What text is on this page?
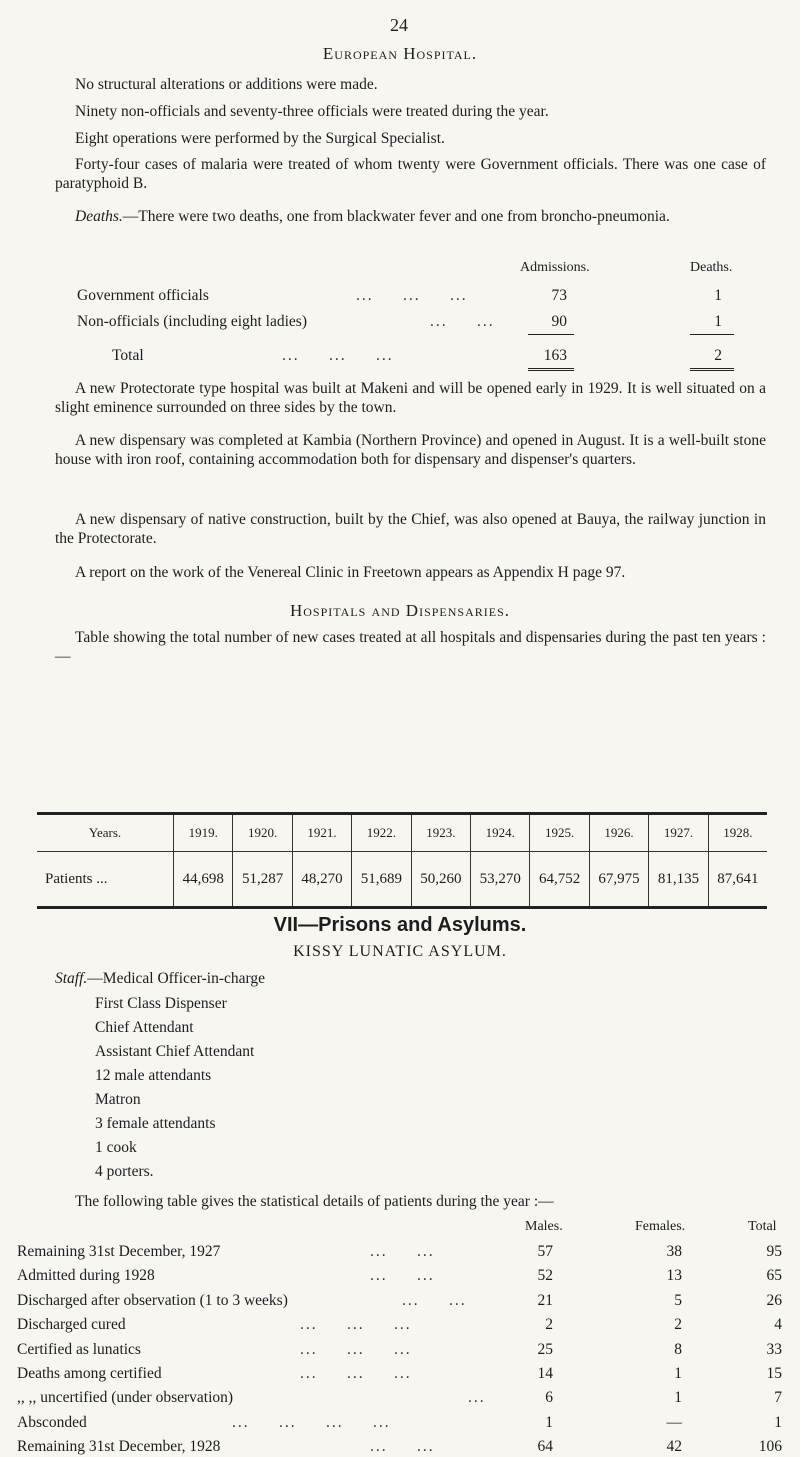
24
European Hospital.

No structural alterations or additions were made.

Ninety non-officials and seventy-three officials were treated during the year.

Eight operations were performed by the Surgical Specialist.

Forty-four cases of malaria were treated of whom twenty were Government officials. There was one case of paratyphoid B.

Deaths.—There were two deaths, one from blackwater fever and one from broncho-pneumonia.

Admissions.	Deaths.
Government officials	...     ...     ...	73	1
Non-officials (including eight ladies)	...     ...	90	1
Total	...     ...     ...	163	2

A new Protectorate type hospital was built at Makeni and will be opened early in 1929. It is well situated on a slight eminence surrounded on three sides by the town.

A new dispensary was completed at Kambia (Northern Province) and opened in August. It is a well-built stone house with iron roof, containing accommodation both for dispensary and dispenser's quarters.

A new dispensary of native construction, built by the Chief, was also opened at Bauya, the railway junction in the Protectorate.

A report on the work of the Venereal Clinic in Freetown appears as Appendix H page 97.

Hospitals and Dispensaries.

Table showing the total number of new cases treated at all hospitals and dispensaries during the past ten years :—

Years.	1919.	1920.	1921.	1922.	1923.	1924.	1925.	1926.	1927.	1928.
Patients ...	44,698	51,287	48,270	51,689	50,260	53,270	64,752	67,975	81,135	87,641
VII—Prisons and Asylums.
KISSY LUNATIC ASYLUM.
Staff.—Medical Officer-in-charge
First Class Dispenser
Chief Attendant
Assistant Chief Attendant
12 male attendants
Matron
3 female attendants
1 cook
4 porters.
The following table gives the statistical details of patients during the year :—
Males.	Females.	Total
Remaining 31st December, 1927	...     ...	57	38	95
Admitted during 1928	...     ...	52	13	65
Discharged after observation (1 to 3 weeks)	...     ...	21	5	26
Discharged cured	...     ...     ...	2	2	4
Certified as lunatics	...     ...     ...	25	8	33
Deaths among certified	...     ...     ...	14	1	15
,, ,, uncertified (under observation)	...	6	1	7
Absconded	...     ...     ...     ...	1	—	1
Remaining 31st December, 1928	...     ...	64	42	106
